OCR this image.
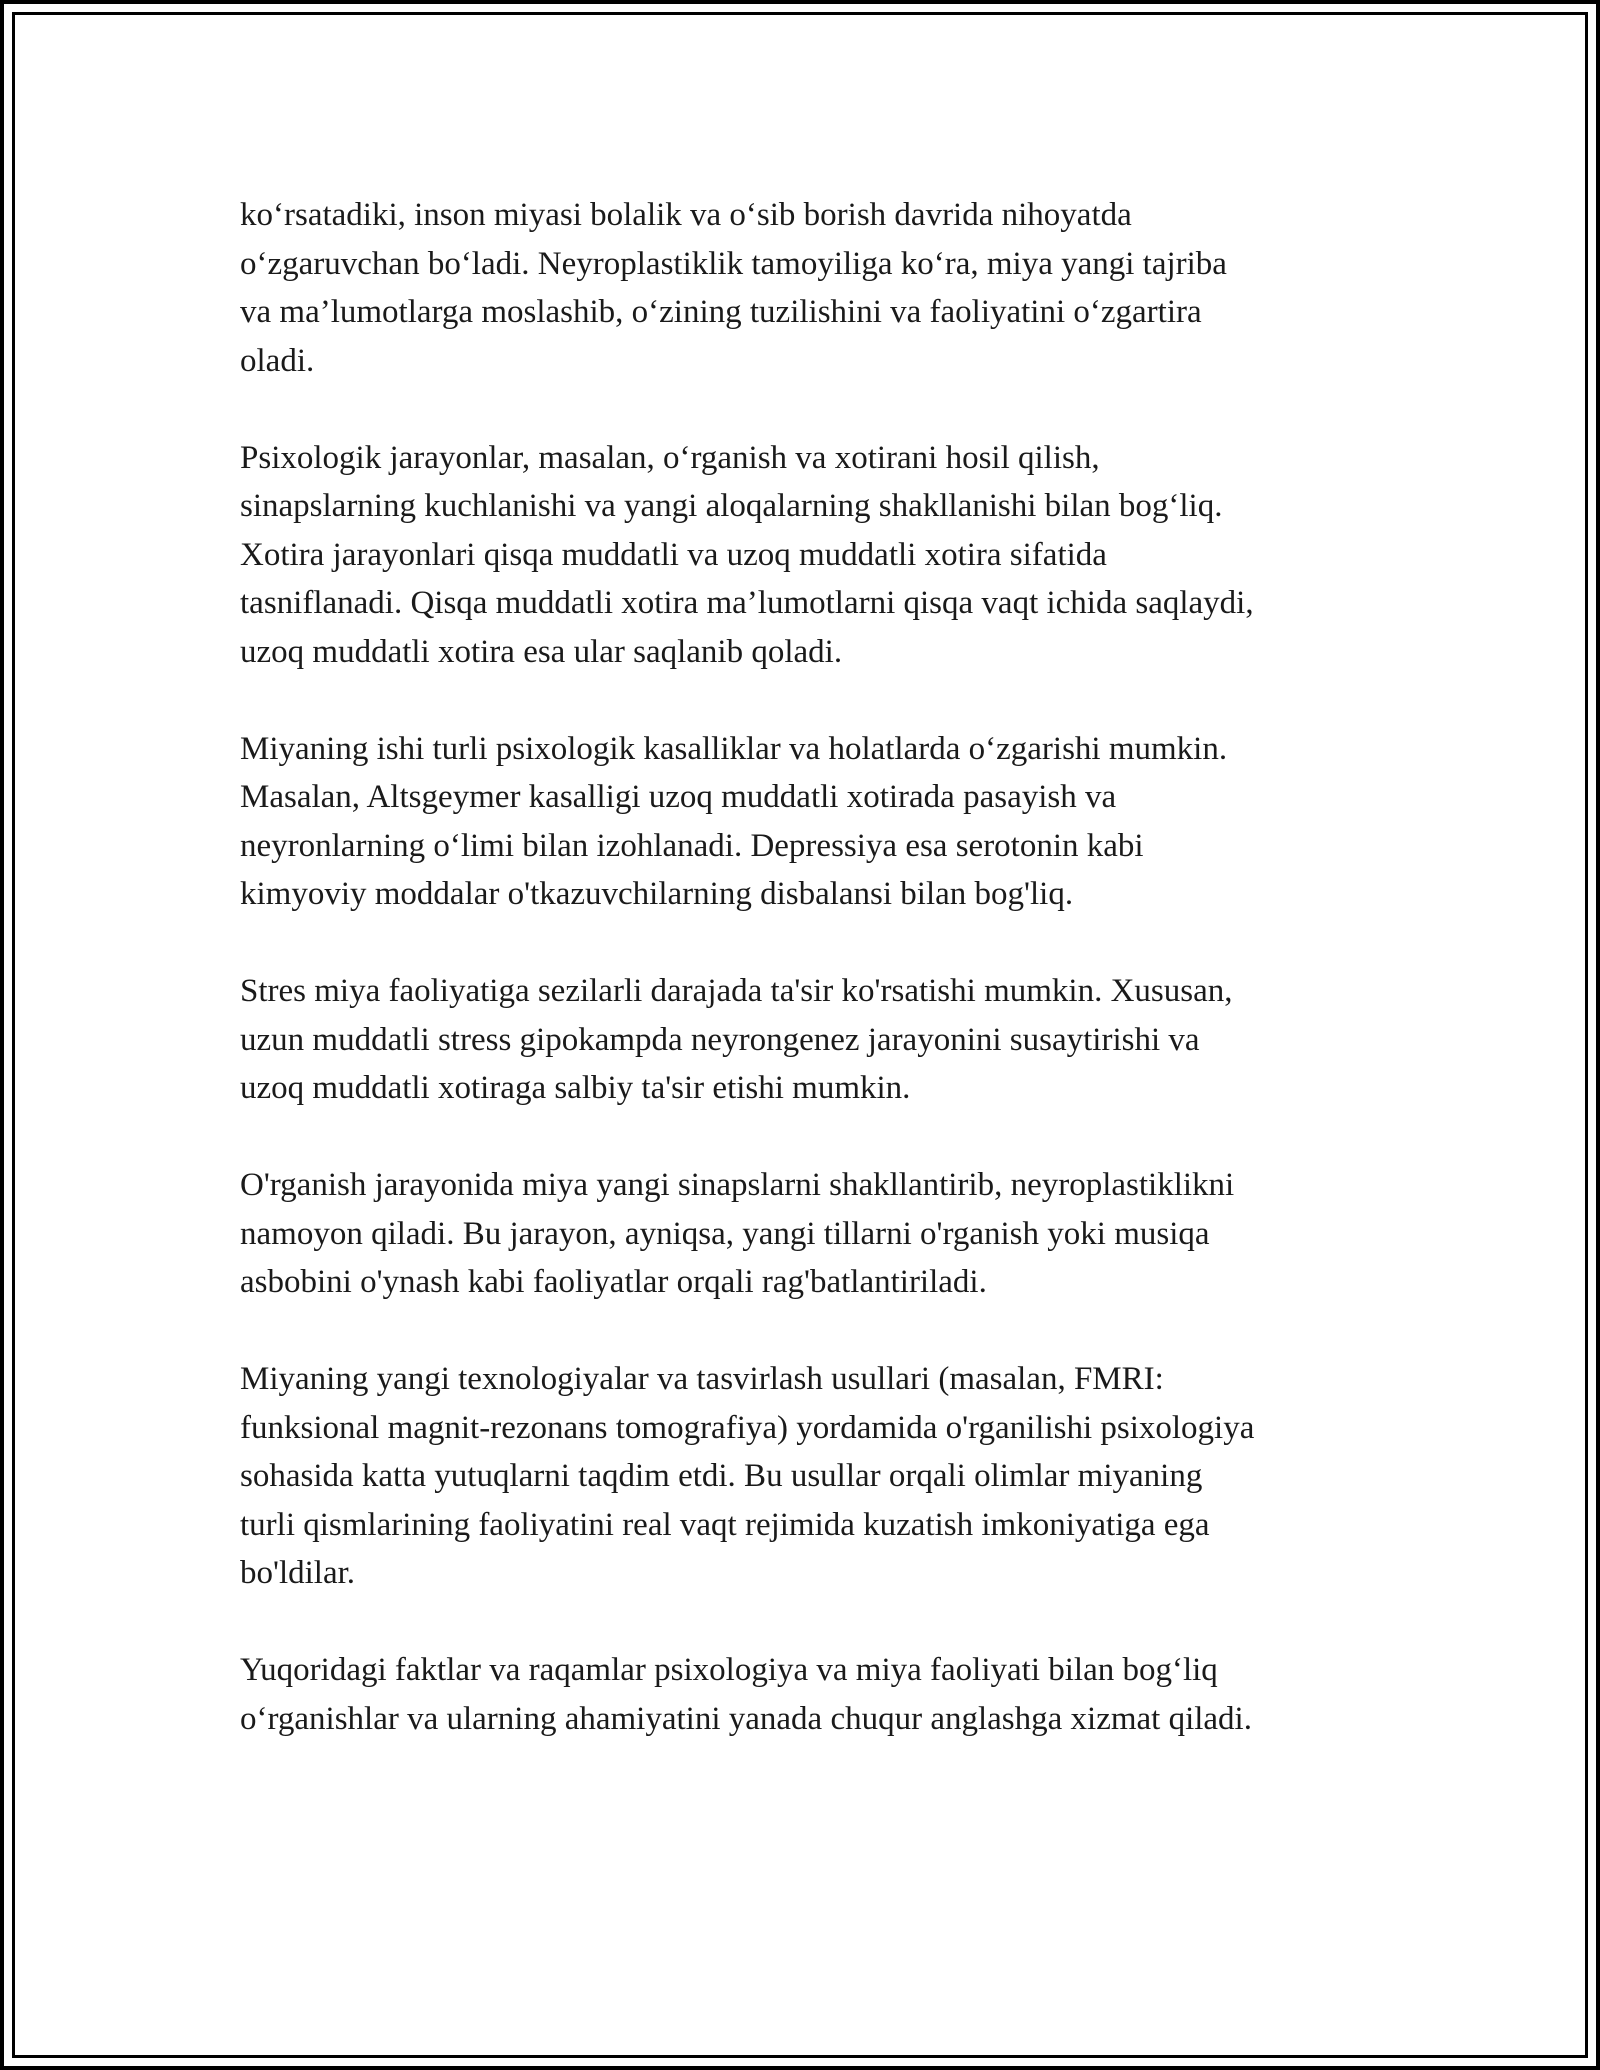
ko‘rsatadiki, inson miyasi bolalik va o‘sib borish davrida nihoyatda
o‘zgaruvchan bo‘ladi. Neyroplastiklik tamoyiliga ko‘ra, miya yangi tajriba
va ma’lumotlarga moslashib, o‘zining tuzilishini va faoliyatini o‘zgartira
oladi.

Psixologik jarayonlar, masalan, o‘rganish va xotirani hosil qilish,
sinapslarning kuchlanishi va yangi aloqalarning shakllanishi bilan bog‘liq.
Xotira jarayonlari qisqa muddatli va uzoq muddatli xotira sifatida
tasniflanadi. Qisqa muddatli xotira ma’lumotlarni qisqa vaqt ichida saqlaydi,
uzoq muddatli xotira esa ular saqlanib qoladi.

Miyaning ishi turli psixologik kasalliklar va holatlarda o‘zgarishi mumkin.
Masalan, Altsgeymer kasalligi uzoq muddatli xotirada pasayish va
neyronlarning o‘limi bilan izohlanadi. Depressiya esa serotonin kabi
kimyoviy moddalar o'tkazuvchilarning disbalansi bilan bog'liq.

Stres miya faoliyatiga sezilarli darajada ta'sir ko'rsatishi mumkin. Xususan,
uzun muddatli stress gipokampda neyrongenez jarayonini susaytirishi va
uzoq muddatli xotiraga salbiy ta'sir etishi mumkin.

O'rganish jarayonida miya yangi sinapslarni shakllantirib, neyroplastiklikni
namoyon qiladi. Bu jarayon, ayniqsa, yangi tillarni o'rganish yoki musiqa
asbobini o'ynash kabi faoliyatlar orqali rag'batlantiriladi.

Miyaning yangi texnologiyalar va tasvirlash usullari (masalan, FMRI:
funksional magnit-rezonans tomografiya) yordamida o'rganilishi psixologiya
sohasida katta yutuqlarni taqdim etdi. Bu usullar orqali olimlar miyaning
turli qismlarining faoliyatini real vaqt rejimida kuzatish imkoniyatiga ega
bo'ldilar.

Yuqoridagi faktlar va raqamlar psixologiya va miya faoliyati bilan bog‘liq
o‘rganishlar va ularning ahamiyatini yanada chuqur anglashga xizmat qiladi.
